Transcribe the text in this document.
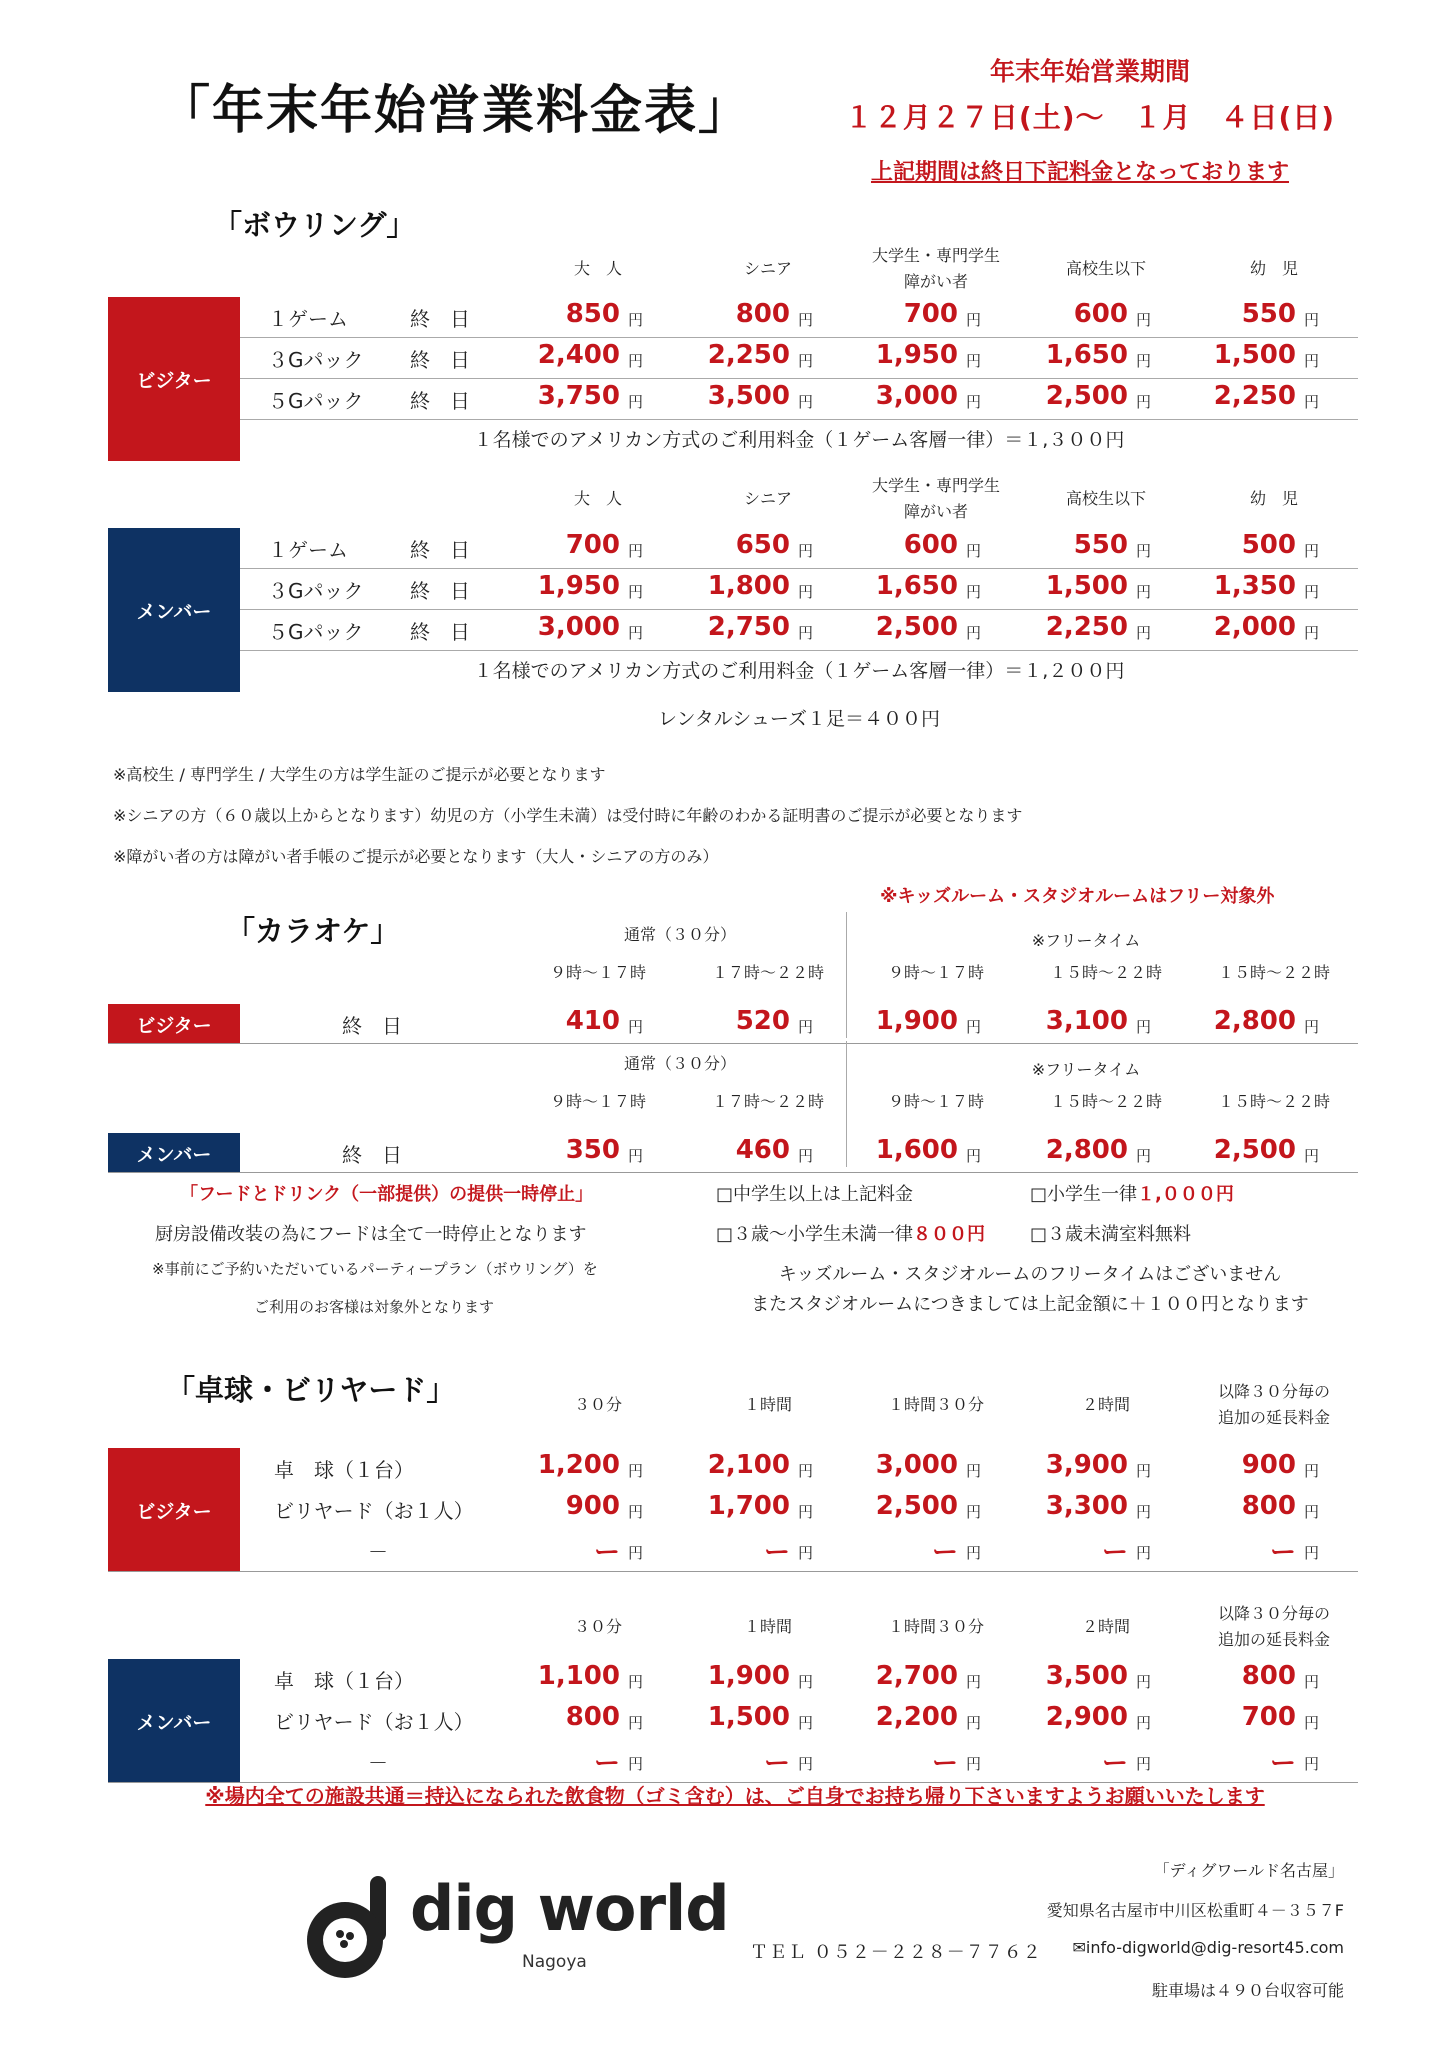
「年末年始営業料金表」
年末年始営業期間
１２月２７日(土)～　１月　４日(日)
上記期間は終日下記料金となっております
「ボウリング」
大　人	シニア
大学生・専門学生
障がい者
高校生以下	幼　児
ビジター
１ゲーム	終　日	850 円	800 円	700 円	600 円	550 円
３Gパック 終　日	2,400 円	2,250 円	1,950 円	1,650 円	1,500 円
５Gパック 終　日	3,750 円	3,500 円	3,000 円	2,500 円	2,250 円
１名様でのアメリカン方式のご利用料金（１ゲーム客層一律）＝１,３００円
大　人	シニア
大学生・専門学生
障がい者
高校生以下	幼　児
メンバー
１ゲーム	終　日	700 円	650 円	600 円	550 円	500 円
３Gパック 終　日	1,950 円	1,800 円	1,650 円	1,500 円	1,350 円
５Gパック 終　日	3,000 円	2,750 円	2,500 円	2,250 円	2,000 円
１名様でのアメリカン方式のご利用料金（１ゲーム客層一律）＝１,２００円
レンタルシューズ１足＝４００円
※高校生 / 専門学生 / 大学生の方は学生証のご提示が必要となります
※シニアの方（６０歳以上からとなります）幼児の方（小学生未満）は受付時に年齢のわかる証明書のご提示が必要となります
※障がい者の方は障がい者手帳のご提示が必要となります（大人・シニアの方のみ）
「カラオケ」
※キッズルーム・スタジオルームはフリー対象外
通常（３０分）	※フリータイム
９時～１７時	１７時～２２時	９時～１７時	１５時～２２時	１５時～２２時
ビジター	終　日	410 円	520 円	1,900 円	3,100 円	2,800 円
通常（３０分）	※フリータイム
９時～１７時	１７時～２２時	９時～１７時	１５時～２２時	１５時～２２時
メンバー	終　日	350 円	460 円	1,600 円	2,800 円	2,500 円
「フードとドリンク（一部提供）の提供一時停止」
厨房設備改装の為にフードは全て一時停止となります
※事前にご予約いただいているパーティープラン（ボウリング）を
ご利用のお客様は対象外となります
□中学生以上は上記料金	□小学生一律１,０００円
□３歳～小学生未満一律８００円 □３歳未満室料無料
キッズルーム・スタジオルームのフリータイムはございません
またスタジオルームにつきましては上記金額に＋１００円となります
「卓球・ビリヤード」	３０分	１時間	１時間３０分	２時間
以降３０分毎の
追加の延長料金
ビジター
卓　球（１台）	1,200 円	2,100 円	3,000 円	3,900 円	900 円
ビリヤード（お１人）	900 円	1,700 円	2,500 円	3,300 円	800 円
－	ー 円	ー 円	ー 円	ー 円	ー 円
３０分	１時間	１時間３０分	２時間
以降３０分毎の
追加の延長料金
メンバー
卓　球（１台）	1,100 円	1,900 円	2,700 円	3,500 円	800 円
ビリヤード（お１人）	800 円	1,500 円	2,200 円	2,900 円	700 円
－	ー 円	ー 円	ー 円	ー 円	ー 円
※場内全ての施設共通＝持込になられた飲食物（ゴミ含む）は、ご自身でお持ち帰り下さいますようお願いいたします
dig world
Nagoya
「ディグワールド名古屋」
愛知県名古屋市中川区松重町４－３５７F
ＴＥＬ ０５２－２２８－７７６２	✉info-digworld@dig-resort45.com
駐車場は４９０台収容可能
